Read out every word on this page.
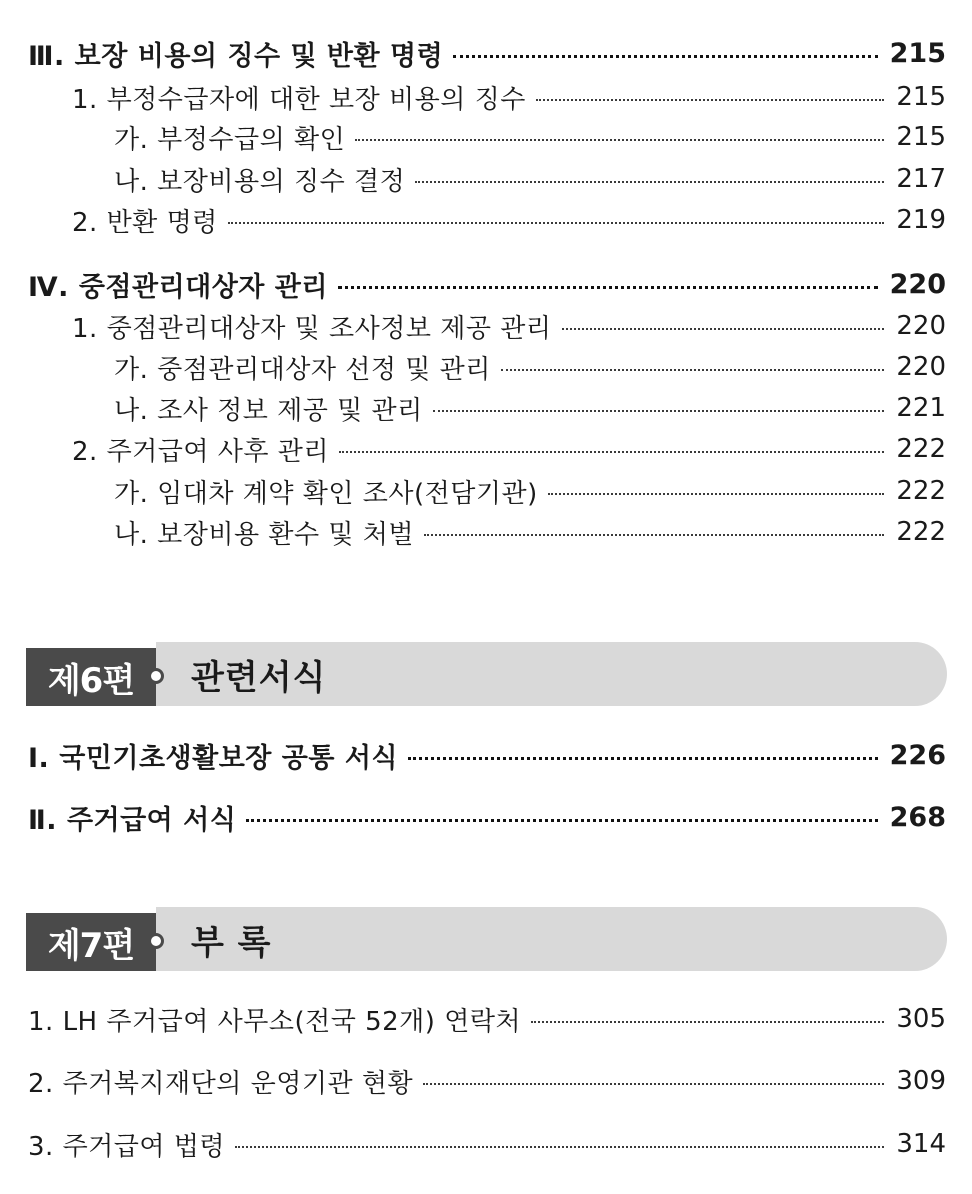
Ⅲ. 보장 비용의 징수 및 반환 명령	215
1. 부정수급자에 대한 보장 비용의 징수	215
가. 부정수급의 확인	215
나. 보장비용의 징수 결정	217
2. 반환 명령	219
Ⅳ. 중점관리대상자 관리	220
1. 중점관리대상자 및 조사정보 제공 관리	220
가. 중점관리대상자 선정 및 관리	220
나. 조사 정보 제공 및 관리	221
2. 주거급여 사후 관리	222
가. 임대차 계약 확인 조사(전담기관)	222
나. 보장비용 환수 및 처벌	222
제6편	관련서식
Ⅰ. 국민기초생활보장 공통 서식	226
Ⅱ. 주거급여 서식	268
제7편	부 록
1. LH 주거급여 사무소(전국 52개) 연락처	305
2. 주거복지재단의 운영기관 현황	309
3. 주거급여 법령	314
